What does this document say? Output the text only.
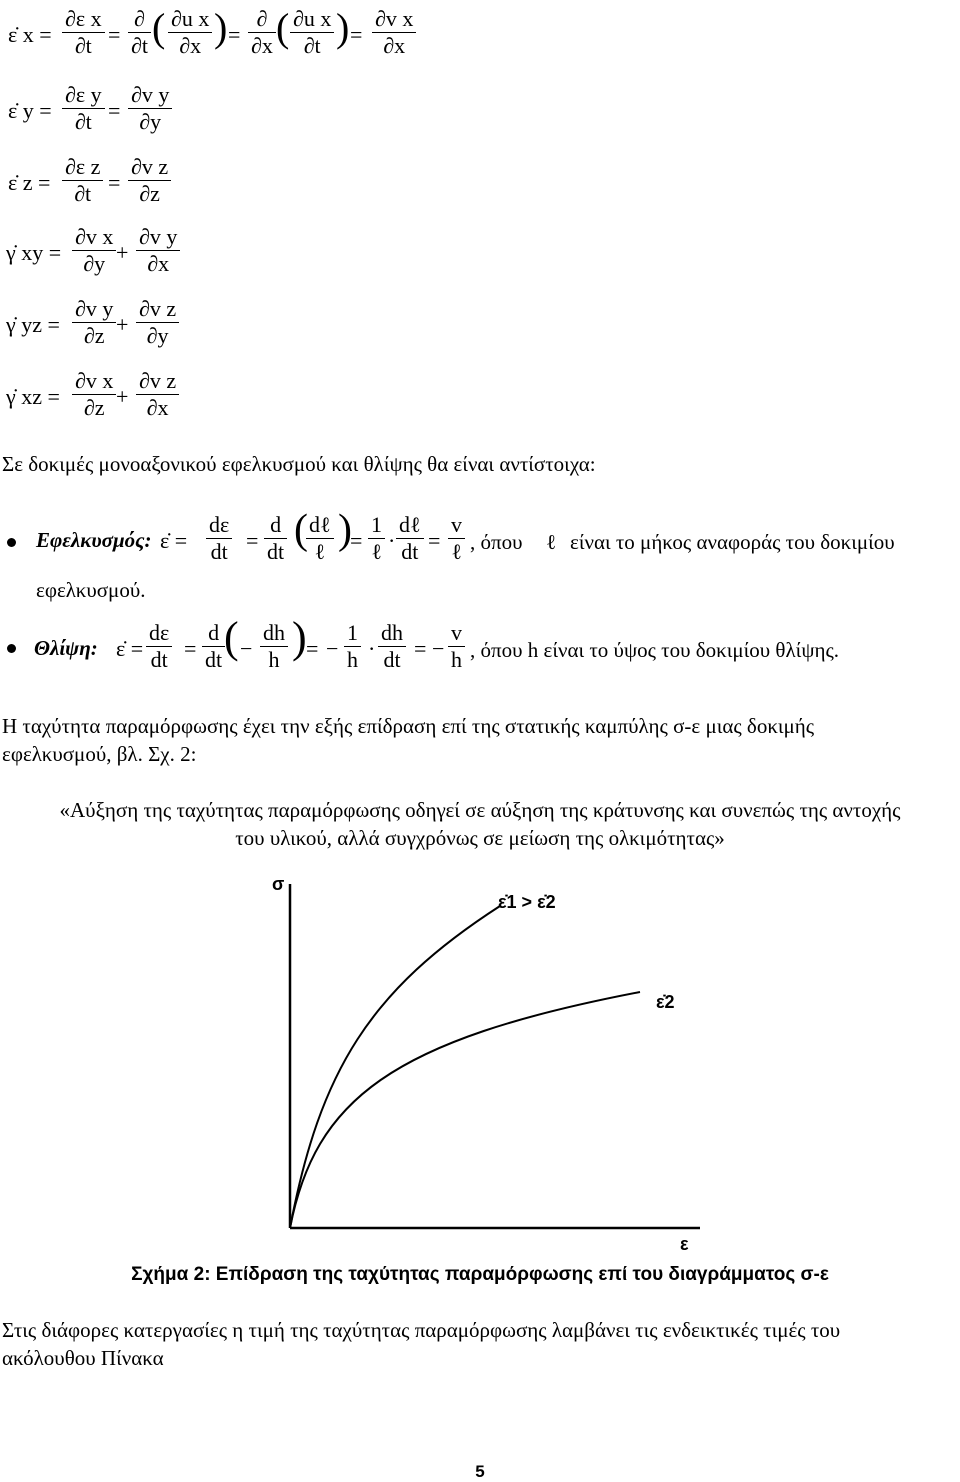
ε̇ $x = \frac{\text{∂ε x}}{\partial t}$ =
∂
∂t ( $\frac{\text{∂u x}}{\partial x}$ ) =
∂
∂x ( $\frac{\text{∂u x}}{\partial t}$ ) = $\frac{\text{∂v x}}{\partial x}$
ε̇ $y = \frac{\text{∂ε y}}{\partial t} = \frac{\text{∂v y}}{\partial y}$
ε̇ $z = \frac{\text{∂ε z}}{\partial t} = \frac{\text{∂v z}}{\partial z}$
γ̇ xy = $\frac{\text{∂v x}}{\partial y} + \frac{\text{∂v y}}{\partial x}$
γ̇ yz = $\frac{\text{∂v y}}{\partial z} + \frac{\text{∂v z}}{\partial y}$
γ̇ xz = $\frac{\text{∂v x}}{\partial z} + \frac{\text{∂v z}}{\partial x}$
Σε δοκιμές μονοαξονικού εφελκυσμού και θλίψης θα είναι αντίστοιχα:
Εφελκυσμός: ε̇ = $\frac{d\varepsilon}{dt} = \frac{d}{dt}$ ( dℓ
ℓ )
=
1
ℓ ·
dℓ
dt =
v
ℓ , όπου ℓ είναι το μήκος αναφοράς του δοκιμίου
εφελκυσμού.
Θλίψη: ε̇ = $\frac{d\varepsilon}{dt} = \frac{d}{dt}$
( − $\frac{dh}{h}$ ) = − $\frac{1}{h} \cdot \frac{dh}{dt}$ = − $\frac{v}{h}$ , όπου h είναι το ύψος του δοκιμίου θλίψης.
Η ταχύτητα παραμόρφωσης έχει την εξής επίδραση επί της στατικής καμπύλης σ-ε μιας δοκιμής
εφελκυσμού, βλ. Σχ. 2:
«Αύξηση της ταχύτητας παραμόρφωσης οδηγεί σε αύξηση της κράτυνσης και συνεπώς της αντοχής
του υλικού, αλλά συγχρόνως σε μείωση της ολκιμότητας»
σ
ε
ε̇1 > ε̇2
ε̇2
Σχήμα 2: Επίδραση της ταχύτητας παραμόρφωσης επί του διαγράμματος σ-ε
Στις διάφορες κατεργασίες η τιμή της ταχύτητας παραμόρφωσης λαμβάνει τις ενδεικτικές τιμές του
ακόλουθου Πίνακα
5
